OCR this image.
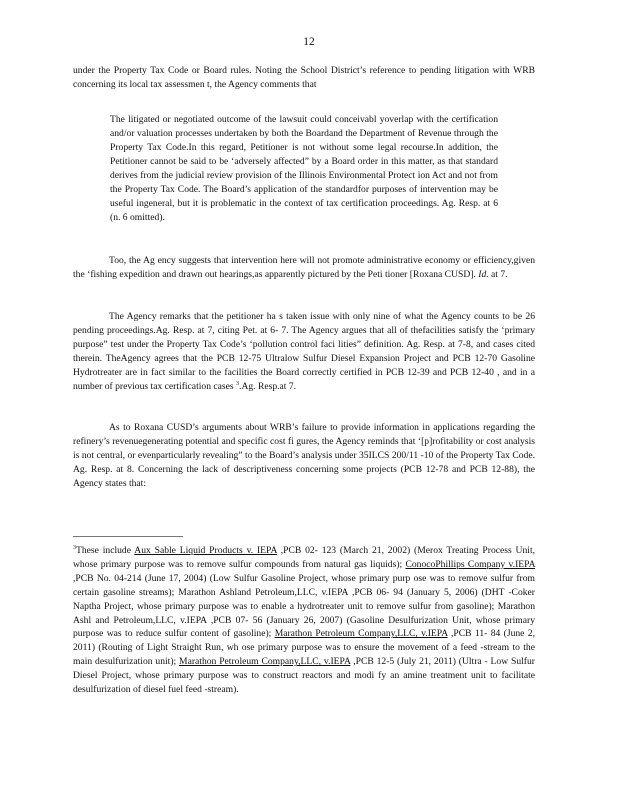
12

under the Property Tax Code or Board rules. Noting the School District’s reference to pending litigation with WRB concerning its local tax assessmen t, the Agency comments that

The litigated or negotiated outcome of the lawsuit could conceivabl yoverlap with the certification and/or valuation processes undertaken by both the Boardand the Department of Revenue through the Property Tax Code.In this regard, Petitioner is not without some legal recourse.In addition, the Petitioner cannot be said to be ‘adversely affected” by a Board order in this matter, as that standard derives from the judicial review provision of the Illinois Environmental Protect ion Act and not from the Property Tax Code. The Board’s application of the standardfor purposes of intervention may be useful ingeneral, but it is problematic in the context of tax certification proceedings. Ag. Resp. at 6 (n. 6 omitted).

Too, the Ag ency suggests that intervention here will not promote administrative economy or efficiency,given the ‘fishing expedition and drawn out hearings,as apparently pictured by the Peti tioner [Roxana CUSD]. Id. at 7.

The Agency remarks that the petitioner ha s taken issue with only nine of what the Agency counts to be 26 pending proceedings.Ag. Resp. at 7, citing Pet. at 6- 7. The Agency argues that all of thefacilities satisfy the ‘primary purpose” test under the Property Tax Code’s ‘pollution control faci lities” definition. Ag. Resp. at 7-8, and cases cited therein. TheAgency agrees that the PCB 12-75 Ultralow Sulfur Diesel Expansion Project and PCB 12-70 Gasoline Hydrotreater are in fact similar to the facilities the Board correctly certified in PCB 12-39 and PCB 12-40 , and in a number of previous tax certification cases $^3$.Ag. Resp.at 7.

As to Roxana CUSD’s arguments about WRB’s failure to provide information in applications regarding the refinery’s revenuegenerating potential and specific cost fi gures, the Agency reminds that ‘[p]rofitability or cost analysis is not central, or evenparticularly revealing” to the Board’s analysis under 35ILCS 200/11 -10 of the Property Tax Code. Ag. Resp. at 8. Concerning the lack of descriptiveness concerning some projects (PCB 12-78 and PCB 12-88), the Agency states that:

$^3$These include Aux Sable Liquid Products v. IEPA ,PCB 02- 123 (March 21, 2002) (Merox Treating Process Unit, whose primary purpose was to remove sulfur compounds from natural gas liquids); ConocoPhillips Company v.IEPA ,PCB No. 04-214 (June 17, 2004) (Low Sulfur Gasoline Project, whose primary purp ose was to remove sulfur from certain gasoline streams); Marathon Ashland Petroleum,LLC, v.IEPA ,PCB 06- 94 (January 5, 2006) (DHT -Coker Naptha Project, whose primary purpose was to enable a hydrotreater unit to remove sulfur from gasoline); Marathon Ashl and Petroleum,LLC, v.IEPA ,PCB 07- 56 (January 26, 2007) (Gasoline Desulfurization Unit, whose primary purpose was to reduce sulfur content of gasoline); Marathon Petroleum Company,LLC, v.IEPA ,PCB 11- 84 (June 2, 2011) (Routing of Light Straight Run, wh ose primary purpose was to ensure the movement of a feed -stream to the main desulfurization unit); Marathon Petroleum Company,LLC, v.IEPA ,PCB 12-5 (July 21, 2011) (Ultra - Low Sulfur Diesel Project, whose primary purpose was to construct reactors and modi fy an amine treatment unit to facilitate desulfurization of diesel fuel feed -stream).
